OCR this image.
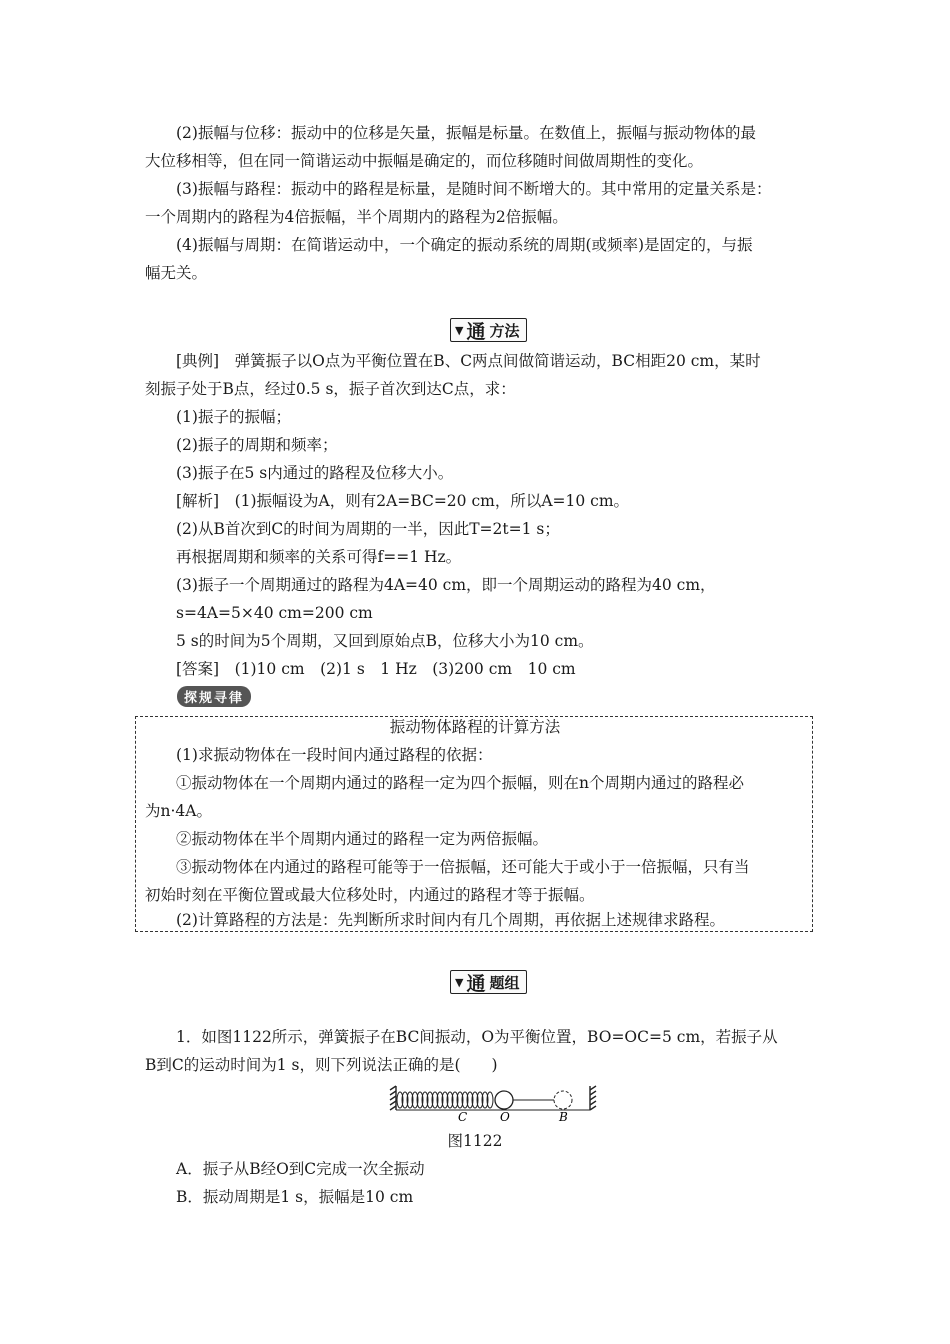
(2)振幅与位移：振动中的位移是矢量，振幅是标量。在数值上，振幅与振动物体的最
大位移相等，但在同一简谐运动中振幅是确定的，而位移随时间做周期性的变化。
(3)振幅与路程：振动中的路程是标量，是随时间不断增大的。其中常用的定量关系是：
一个周期内的路程为4倍振幅，半个周期内的路程为2倍振幅。
(4)振幅与周期：在简谐运动中，一个确定的振动系统的周期(或频率)是固定的，与振
幅无关。
▼ 通 方法
[典例]　弹簧振子以O点为平衡位置在B、C两点间做简谐运动，BC相距20 cm，某时
刻振子处于B点，经过0.5 s，振子首次到达C点，求：
(1)振子的振幅；
(2)振子的周期和频率；
(3)振子在5 s内通过的路程及位移大小。
[解析]　(1)振幅设为A，则有2A=BC=20 cm，所以A=10 cm。
(2)从B首次到C的时间为周期的一半，因此T=2t=1 s；
再根据周期和频率的关系可得f==1 Hz。
(3)振子一个周期通过的路程为4A=40 cm，即一个周期运动的路程为40 cm，
s=4A=5×40 cm=200 cm
5 s的时间为5个周期，又回到原始点B，位移大小为10 cm。
[答案]　(1)10 cm　(2)1 s　1 Hz　(3)200 cm　10 cm
探规寻律
振动物体路程的计算方法
(1)求振动物体在一段时间内通过路程的依据：
①振动物体在一个周期内通过的路程一定为四个振幅，则在n个周期内通过的路程必
为n·4A。
②振动物体在半个周期内通过的路程一定为两倍振幅。
③振动物体在内通过的路程可能等于一倍振幅，还可能大于或小于一倍振幅，只有当
初始时刻在平衡位置或最大位移处时，内通过的路程才等于振幅。
(2)计算路程的方法是：先判断所求时间内有几个周期，再依据上述规律求路程。
▼ 通 题组
1．如图1122所示，弹簧振子在BC间振动，O为平衡位置，BO=OC=5 cm，若振子从
B到C的运动时间为1 s，则下列说法正确的是(　　)
C	O	B
图1122
A．振子从B经O到C完成一次全振动
B．振动周期是1 s，振幅是10 cm
